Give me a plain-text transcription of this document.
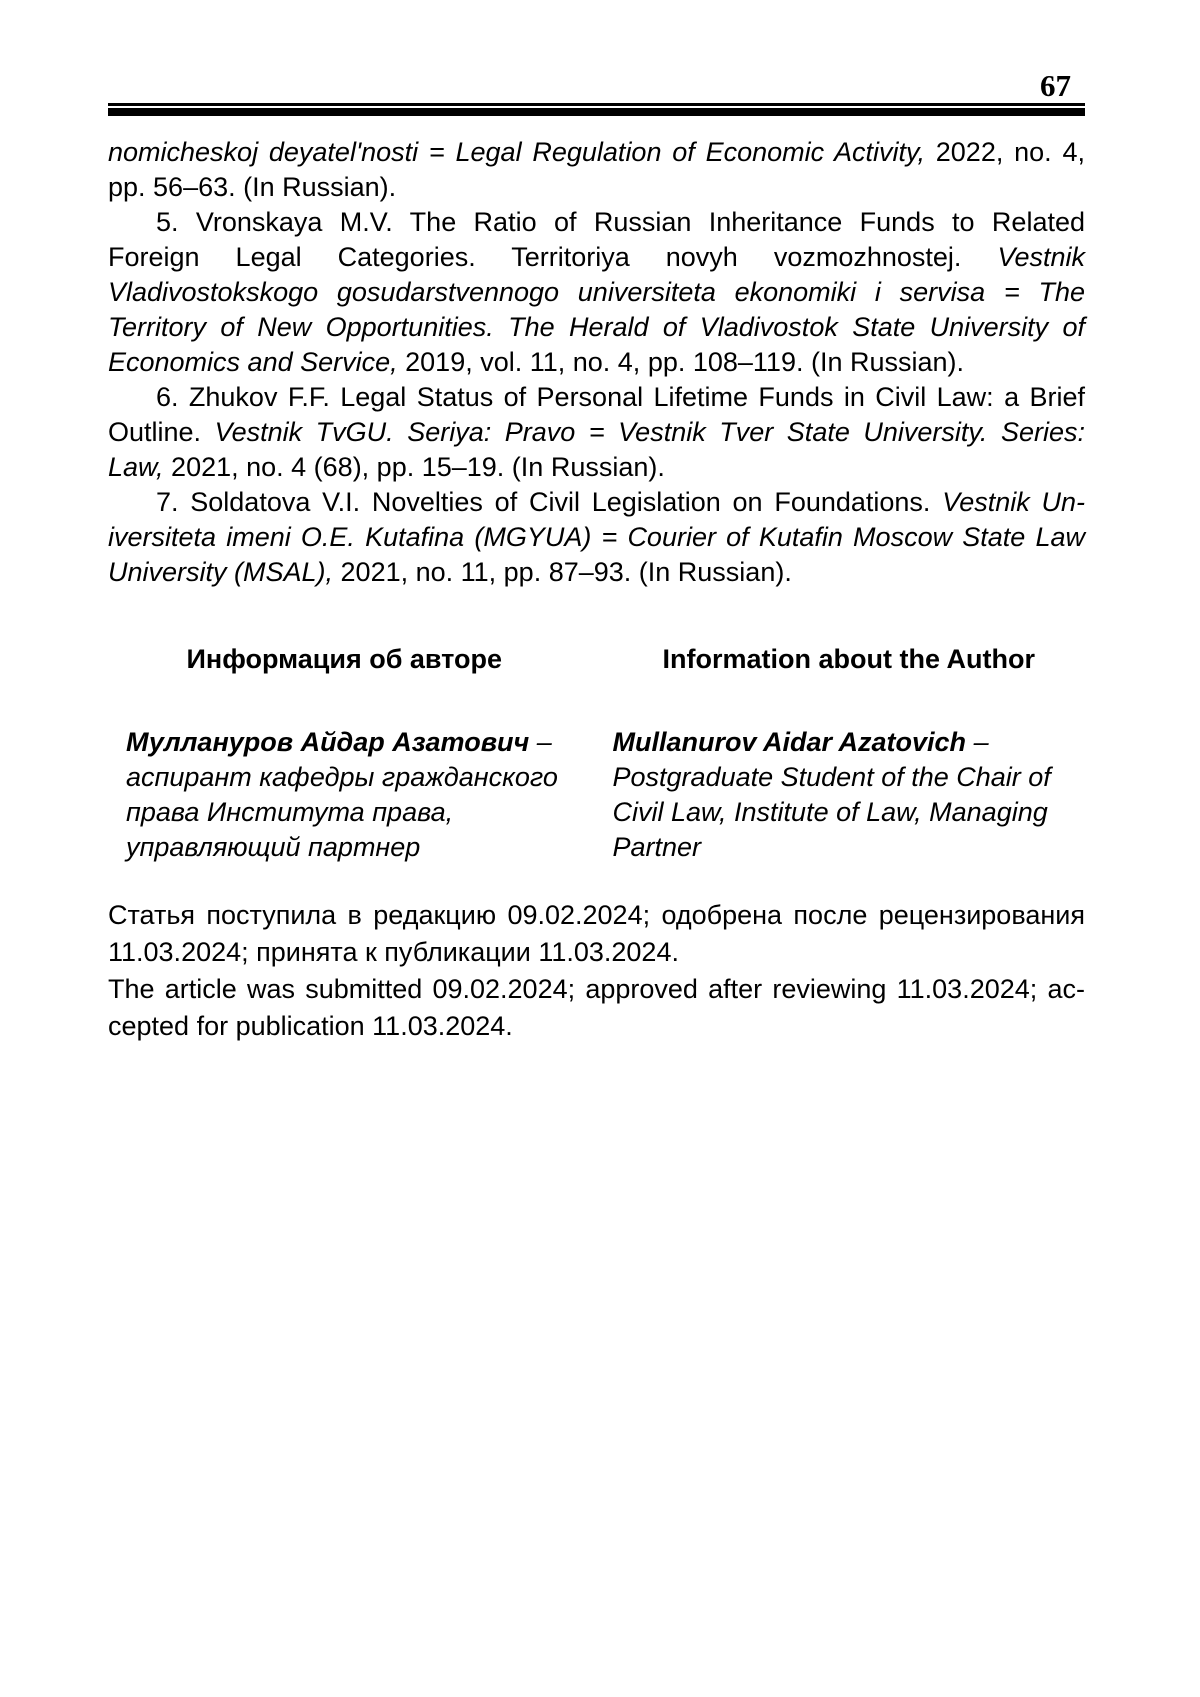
67

nomicheskoj deyatel'nosti = Legal Regulation of Economic Activity, 2022, no. 4, pp. 56–63. (In Russian).

5. Vronskaya M.V. The Ratio of Russian Inheritance Funds to Related Foreign Legal Categories. Territoriya novyh vozmozhnostej. Vestnik Vladivostokskogo gosudarstvennogo universiteta ekonomiki i servisa = The Territory of New Opportunities. The Herald of Vladivostok State University of Economics and Service, 2019, vol. 11, no. 4, pp. 108–119. (In Russian).

6. Zhukov F.F. Legal Status of Personal Lifetime Funds in Civil Law: a Brief Outline. Vestnik TvGU. Seriya: Pravo = Vestnik Tver State University. Series: Law, 2021, no. 4 (68), pp. 15–19. (In Russian).

7. Soldatova V.I. Novelties of Civil Legislation on Foundations. Vestnik Universiteta imeni O.E. Kutafina (MGYUA) = Courier of Kutafin Moscow State Law University (MSAL), 2021, no. 11, pp. 87–93. (In Russian).

Информация об авторе

Муллануров Айдар Азатович – аспирант кафедры гражданского права Института права, управляющий партнер

Information about the Author

Mullanurov Aidar Azatovich – Postgraduate Student of the Chair of Civil Law, Institute of Law, Managing Partner

Статья поступила в редакцию 09.02.2024; одобрена после рецензирования 11.03.2024; принята к публикации 11.03.2024.

The article was submitted 09.02.2024; approved after reviewing 11.03.2024; accepted for publication 11.03.2024.
